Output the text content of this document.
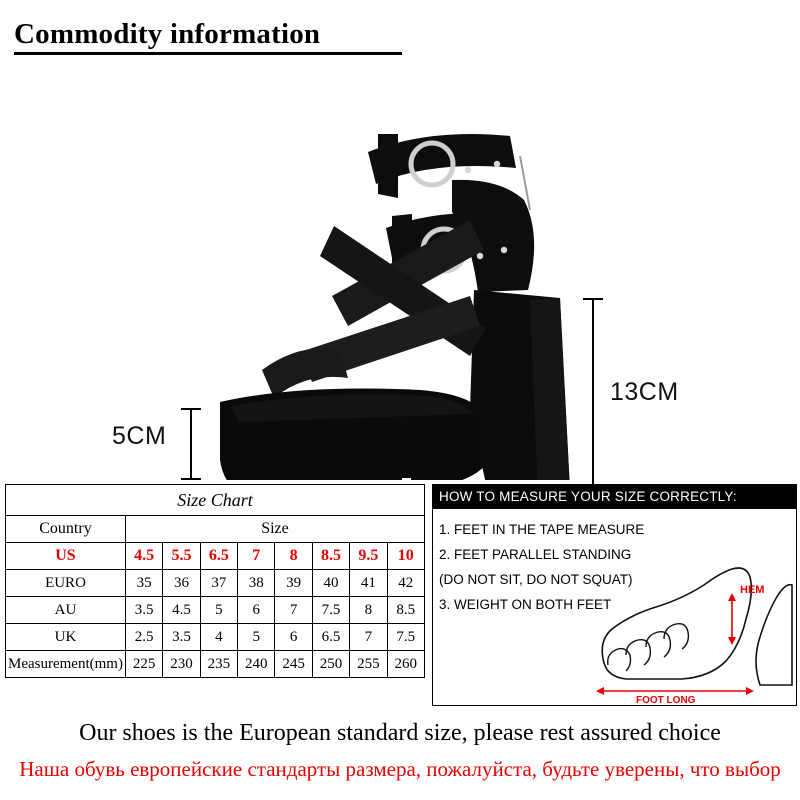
Commodity information
13CM
5CM
Size Chart								
Country	Size							
US	4.5	5.5	6.5	7	8	8.5	9.5	10
EURO	35	36	37	38	39	40	41	42
AU	3.5	4.5	5	6	7	7.5	8	8.5
UK	2.5	3.5	4	5	6	6.5	7	7.5
Measurement(mm)	225	230	235	240	245	250	255	260
HOW TO MEASURE YOUR SIZE CORRECTLY:
1. FEET IN THE TAPE MEASURE
2. FEET PARALLEL STANDING
(DO NOT SIT, DO NOT SQUAT)
3. WEIGHT ON BOTH FEET
HEM
FOOT LONG
Our shoes is the European standard size, please rest assured choice
Наша обувь европейские стандарты размера, пожалуйста, будьте уверены, что выбор
